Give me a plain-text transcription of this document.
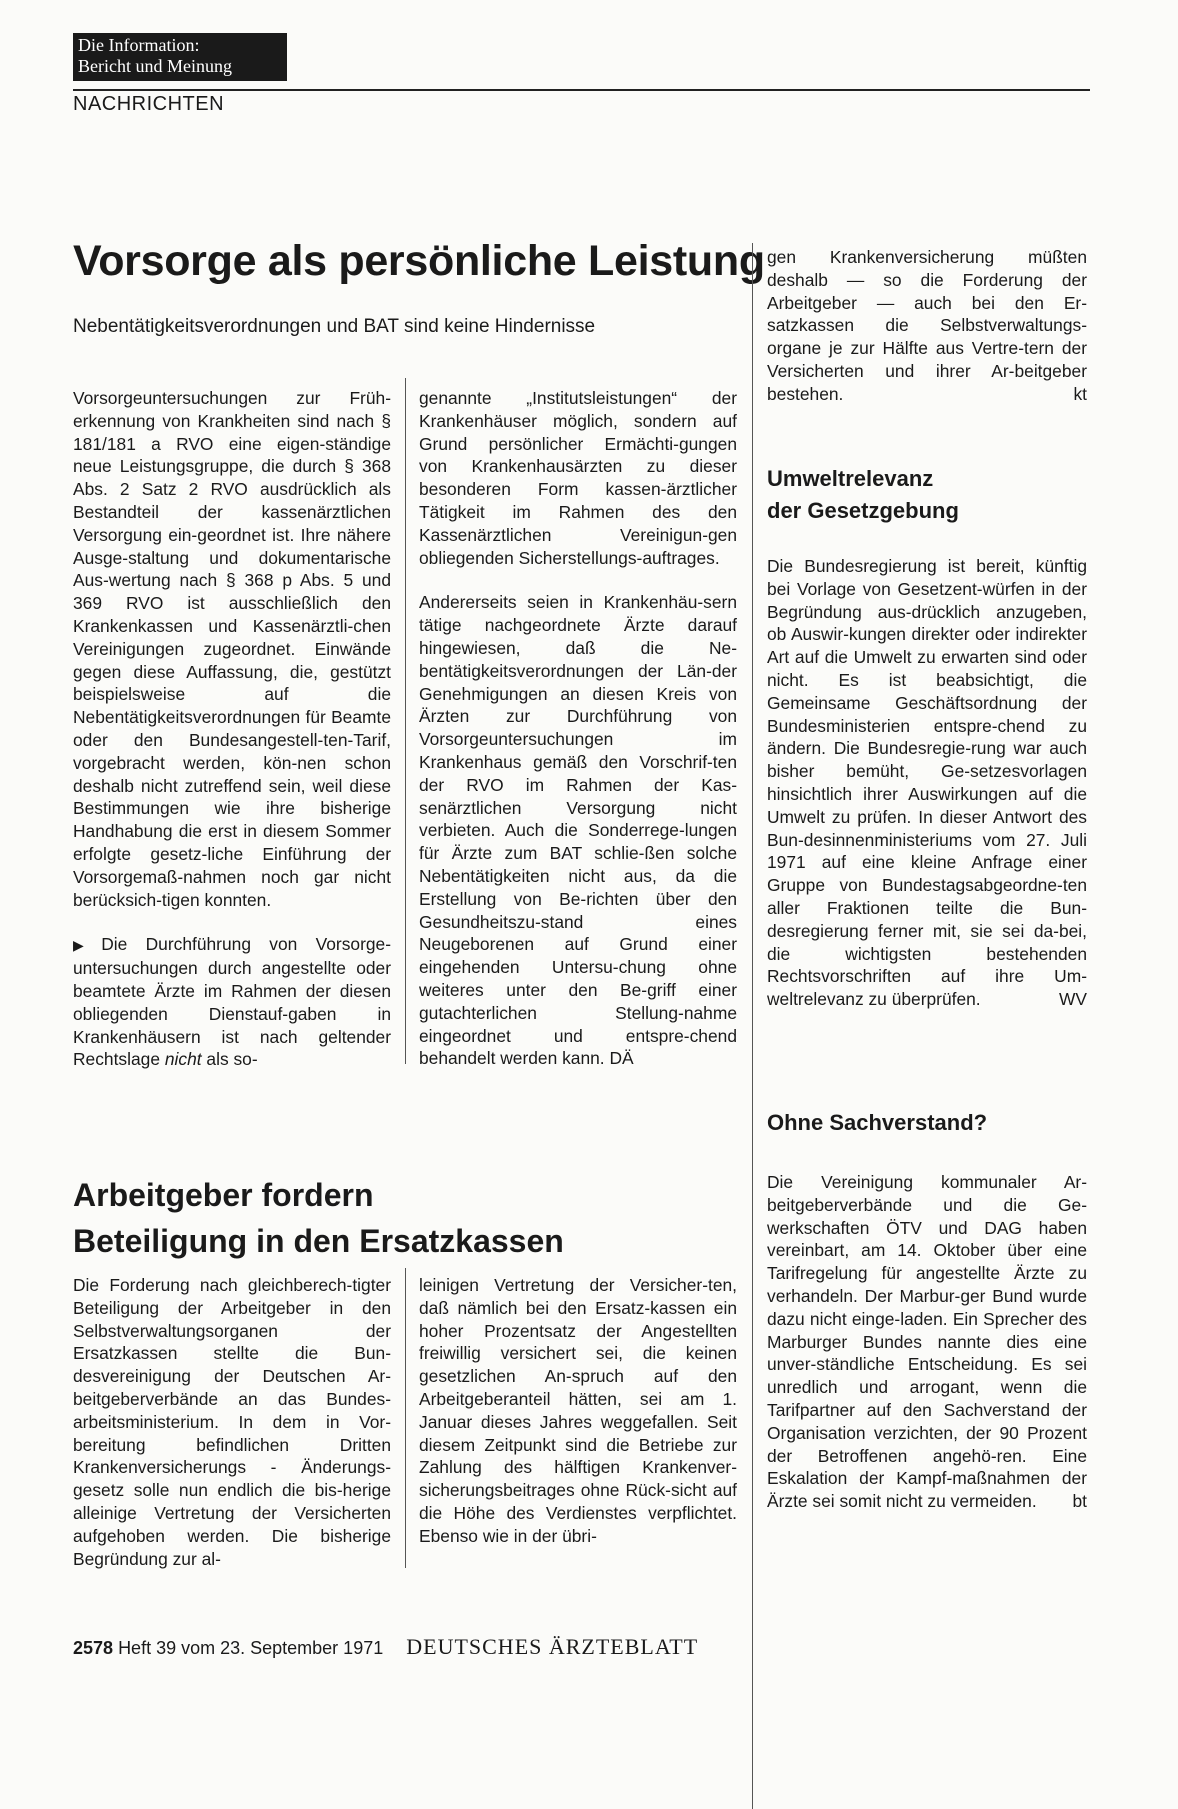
Die Information:
Bericht und Meinung
NACHRICHTEN
Vorsorge als persönliche Leistung
Nebentätigkeitsverordnungen und BAT sind keine Hindernisse

Vorsorgeuntersuchungen zur Früh-erkennung von Krankheiten sind nach § 181/181 a RVO eine eigen-ständige neue Leistungsgruppe, die durch § 368 Abs. 2 Satz 2 RVO ausdrücklich als Bestandteil der kassenärztlichen Versorgung ein-geordnet ist. Ihre nähere Ausge-staltung und dokumentarische Aus-wertung nach § 368 p Abs. 5 und 369 RVO ist ausschließlich den Krankenkassen und Kassenärztli-chen Vereinigungen zugeordnet. Einwände gegen diese Auffassung, die, gestützt beispielsweise auf die Nebentätigkeitsverordnungen für Beamte oder den Bundesangestell-ten-Tarif, vorgebracht werden, kön-nen schon deshalb nicht zutreffend sein, weil diese Bestimmungen wie ihre bisherige Handhabung die erst in diesem Sommer erfolgte gesetz-liche Einführung der Vorsorgemaß-nahmen noch gar nicht berücksich-tigen konnten.

▶ Die Durchführung von Vorsorge-untersuchungen durch angestellte oder beamtete Ärzte im Rahmen der diesen obliegenden Dienstauf-gaben in Krankenhäusern ist nach geltender Rechtslage nicht als so-

genannte „Institutsleistungen“ der Krankenhäuser möglich, sondern auf Grund persönlicher Ermächti-gungen von Krankenhausärzten zu dieser besonderen Form kassen-ärztlicher Tätigkeit im Rahmen des den Kassenärztlichen Vereinigun-gen obliegenden Sicherstellungs-auftrages.

Andererseits seien in Krankenhäu-sern tätige nachgeordnete Ärzte darauf hingewiesen, daß die Ne-bentätigkeitsverordnungen der Län-der Genehmigungen an diesen Kreis von Ärzten zur Durchführung von Vorsorgeuntersuchungen im Krankenhaus gemäß den Vorschrif-ten der RVO im Rahmen der Kas-senärztlichen Versorgung nicht verbieten. Auch die Sonderrege-lungen für Ärzte zum BAT schlie-ßen solche Nebentätigkeiten nicht aus, da die Erstellung von Be-richten über den Gesundheitszu-stand eines Neugeborenen auf Grund einer eingehenden Untersu-chung ohne weiteres unter den Be-griff einer gutachterlichen Stellung-nahme eingeordnet und entspre-chend behandelt werden kann. DÄ

Arbeitgeber fordern
Beteiligung in den Ersatzkassen

Die Forderung nach gleichberech-tigter Beteiligung der Arbeitgeber in den Selbstverwaltungsorganen der Ersatzkassen stellte die Bun-desvereinigung der Deutschen Ar-beitgeberverbände an das Bundes-arbeitsministerium. In dem in Vor-bereitung befindlichen Dritten Krankenversicherungs - Änderungs-gesetz solle nun endlich die bis-herige alleinige Vertretung der Versicherten aufgehoben werden. Die bisherige Begründung zur al-

leinigen Vertretung der Versicher-ten, daß nämlich bei den Ersatz-kassen ein hoher Prozentsatz der Angestellten freiwillig versichert sei, die keinen gesetzlichen An-spruch auf den Arbeitgeberanteil hätten, sei am 1. Januar dieses Jahres weggefallen. Seit diesem Zeitpunkt sind die Betriebe zur Zahlung des hälftigen Krankenver-sicherungsbeitrages ohne Rück-sicht auf die Höhe des Verdienstes verpflichtet. Ebenso wie in der übri-

gen Krankenversicherung müßten deshalb — so die Forderung der Arbeitgeber — auch bei den Er-satzkassen die Selbstverwaltungs-organe je zur Hälfte aus Vertre-tern der Versicherten und ihrer Ar-beitgeber bestehen.	kt

Umweltrelevanz
der Gesetzgebung

Die Bundesregierung ist bereit, künftig bei Vorlage von Gesetzent-würfen in der Begründung aus-drücklich anzugeben, ob Auswir-kungen direkter oder indirekter Art auf die Umwelt zu erwarten sind oder nicht. Es ist beabsichtigt, die Gemeinsame Geschäftsordnung der Bundesministerien entspre-chend zu ändern. Die Bundesregie-rung war auch bisher bemüht, Ge-setzesvorlagen hinsichtlich ihrer Auswirkungen auf die Umwelt zu prüfen. In dieser Antwort des Bun-desinnenministeriums vom 27. Juli 1971 auf eine kleine Anfrage einer Gruppe von Bundestagsabgeordne-ten aller Fraktionen teilte die Bun-desregierung ferner mit, sie sei da-bei, die wichtigsten bestehenden Rechtsvorschriften auf ihre Um-weltrelevanz zu überprüfen.	WV

Ohne Sachverstand?

Die Vereinigung kommunaler Ar-beitgeberverbände und die Ge-werkschaften ÖTV und DAG haben vereinbart, am 14. Oktober über eine Tarifregelung für angestellte Ärzte zu verhandeln. Der Marbur-ger Bund wurde dazu nicht einge-laden. Ein Sprecher des Marburger Bundes nannte dies eine unver-ständliche Entscheidung. Es sei unredlich und arrogant, wenn die Tarifpartner auf den Sachverstand der Organisation verzichten, der 90 Prozent der Betroffenen angehö-ren. Eine Eskalation der Kampf-maßnahmen der Ärzte sei somit nicht zu vermeiden. bt

2578 Heft 39 vom 23. September 1971 DEUTSCHES ÄRZTEBLATT
